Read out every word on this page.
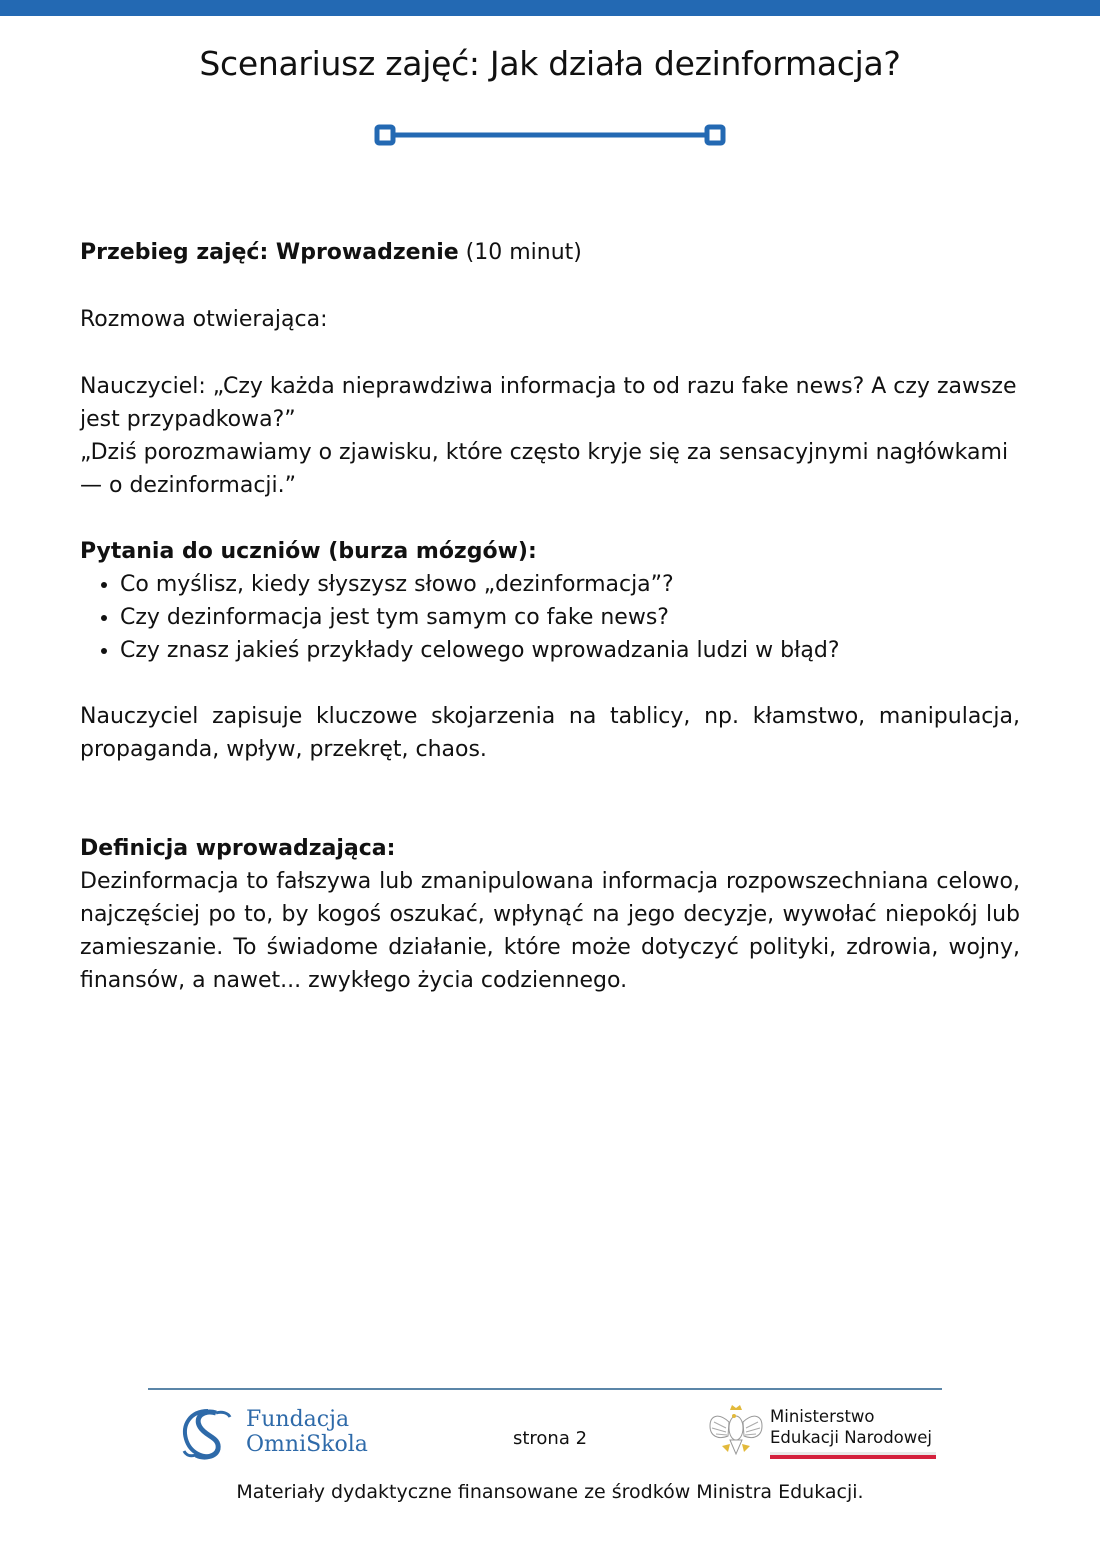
Scenariusz zajęć: Jak działa dezinformacja?

Przebieg zajęć: Wprowadzenie (10 minut)

Rozmowa otwierająca:

Nauczyciel: „Czy każda nieprawdziwa informacja to od razu fake news? A czy zawsze jest przypadkowa?”

„Dziś porozmawiamy o zjawisku, które często kryje się za sensacyjnymi nagłówkami — o dezinformacji.”

Pytania do uczniów (burza mózgów):

• Co myślisz, kiedy słyszysz słowo „dezinformacja”?
• Czy dezinformacja jest tym samym co fake news?
• Czy znasz jakieś przykłady celowego wprowadzania ludzi w błąd?

Nauczyciel zapisuje kluczowe skojarzenia na tablicy, np. kłamstwo, manipulacja, propaganda, wpływ, przekręt, chaos.

Definicja wprowadzająca:

Dezinformacja to fałszywa lub zmanipulowana informacja rozpowszechniana celowo, najczęściej po to, by kogoś oszukać, wpłynąć na jego decyzje, wywołać niepokój lub zamieszanie. To świadome działanie, które może dotyczyć polityki, zdrowia, wojny, finansów, a nawet... zwykłego życia codziennego.

Fundacja
OmniSkola	strona 2
Ministerstwo
Edukacji Narodowej
Materiały dydaktyczne finansowane ze środków Ministra Edukacji.
